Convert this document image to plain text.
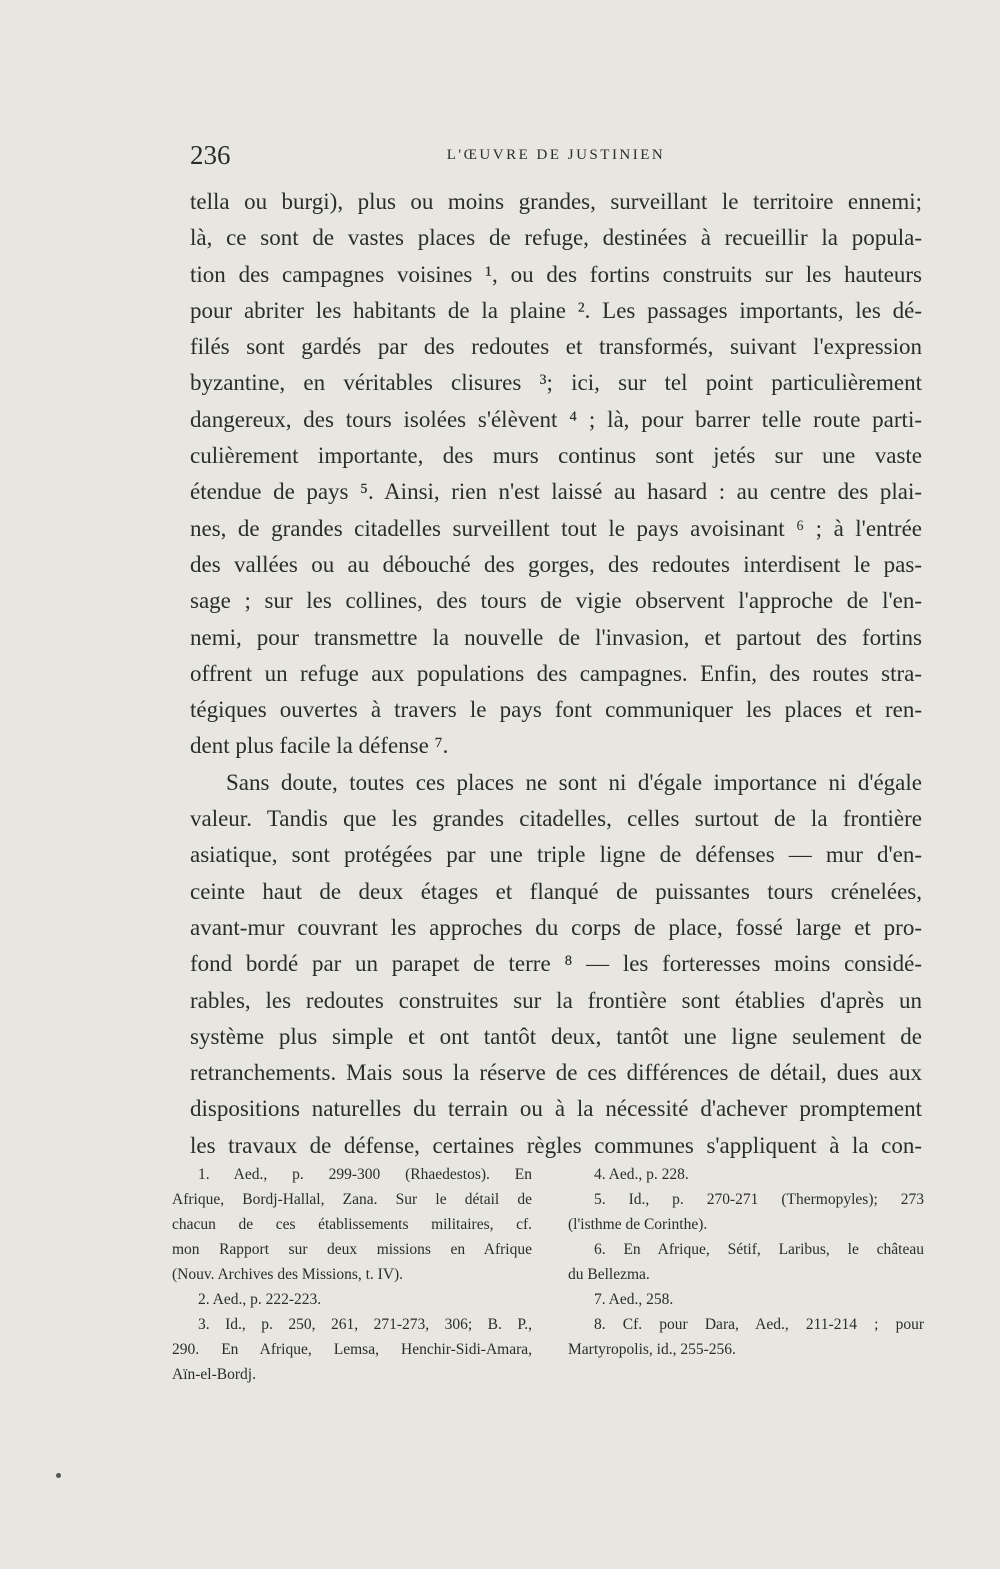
236	L'ŒUVRE DE JUSTINIEN
tella ou burgi), plus ou moins grandes, surveillant le territoire ennemi;
là, ce sont de vastes places de refuge, destinées à recueillir la popula-
tion des campagnes voisines ¹, ou des fortins construits sur les hauteurs
pour abriter les habitants de la plaine ². Les passages importants, les dé-
filés sont gardés par des redoutes et transformés, suivant l'expression
byzantine, en véritables clisures ³; ici, sur tel point particulièrement
dangereux, des tours isolées s'élèvent ⁴ ; là, pour barrer telle route parti-
culièrement importante, des murs continus sont jetés sur une vaste
étendue de pays ⁵. Ainsi, rien n'est laissé au hasard : au centre des plai-
nes, de grandes citadelles surveillent tout le pays avoisinant ⁶ ; à l'entrée
des vallées ou au débouché des gorges, des redoutes interdisent le pas-
sage ; sur les collines, des tours de vigie observent l'approche de l'en-
nemi, pour transmettre la nouvelle de l'invasion, et partout des fortins
offrent un refuge aux populations des campagnes. Enfin, des routes stra-
tégiques ouvertes à travers le pays font communiquer les places et ren-
dent plus facile la défense ⁷.
Sans doute, toutes ces places ne sont ni d'égale importance ni d'égale
valeur. Tandis que les grandes citadelles, celles surtout de la frontière
asiatique, sont protégées par une triple ligne de défenses — mur d'en-
ceinte haut de deux étages et flanqué de puissantes tours crénelées,
avant-mur couvrant les approches du corps de place, fossé large et pro-
fond bordé par un parapet de terre ⁸ — les forteresses moins considé-
rables, les redoutes construites sur la frontière sont établies d'après un
système plus simple et ont tantôt deux, tantôt une ligne seulement de
retranchements. Mais sous la réserve de ces différences de détail, dues aux
dispositions naturelles du terrain ou à la nécessité d'achever promptement
les travaux de défense, certaines règles communes s'appliquent à la con-
1. Aed., p. 299-300 (Rhaedestos). En
Afrique, Bordj-Hallal, Zana. Sur le détail de
chacun de ces établissements militaires, cf.
mon Rapport sur deux missions en Afrique
(Nouv. Archives des Missions, t. IV).
2. Aed., p. 222-223.
3. Id., p. 250, 261, 271-273, 306; B. P.,
290. En Afrique, Lemsa, Henchir-Sidi-Amara,
Aïn-el-Bordj.
4. Aed., p. 228.
5. Id., p. 270-271 (Thermopyles); 273
(l'isthme de Corinthe).
6. En Afrique, Sétif, Laribus, le château
du Bellezma.
7. Aed., 258.
8. Cf. pour Dara, Aed., 211-214 ; pour
Martyropolis, id., 255-256.
